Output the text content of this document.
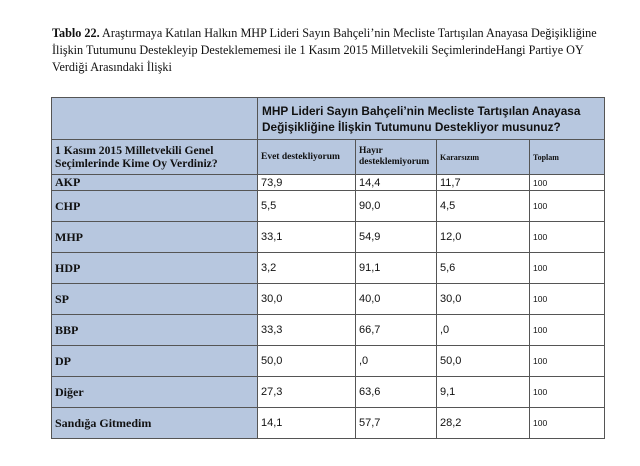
Tablo 22. Araştırmaya Katılan Halkın MHP Lideri Sayın Bahçeli’nin Mecliste Tartışılan Anayasa Değişikliğine İlişkin Tutumunu Destekleyip Desteklememesi ile 1 Kasım 2015 Milletvekili SeçimlerindeHangi Partiye OY Verdiği Arasındaki İlişki
	MHP Lideri Sayın Bahçeli’nin Mecliste Tartışılan Anayasa Değişikliğine İlişkin Tutumunu Destekliyor musunuz?			
1 Kasım 2015 Milletvekili Genel Seçimlerinde Kime Oy Verdiniz?	Evet destekliyorum	Hayır desteklemiyorum	Kararsızım	Toplam
AKP	73,9	14,4	11,7	100
CHP	5,5	90,0	4,5	100
MHP	33,1	54,9	12,0	100
HDP	3,2	91,1	5,6	100
SP	30,0	40,0	30,0	100
BBP	33,3	66,7	,0	100
DP	50,0	,0	50,0	100
Diğer	27,3	63,6	9,1	100
Sandığa Gitmedim	14,1	57,7	28,2	100
